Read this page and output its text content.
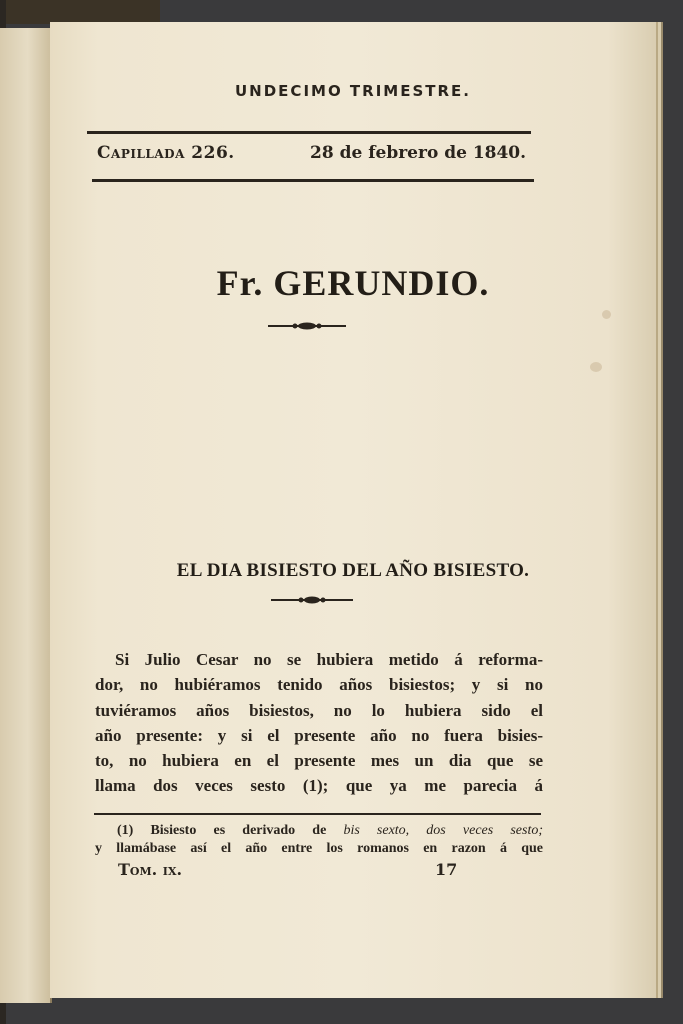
UNDECIMO TRIMESTRE.
Capillada 226.	28 de febrero de 1840.
Fr. GERUNDIO.
EL DIA BISIESTO DEL AÑO BISIESTO.
Si Julio Cesar no se hubiera metido á reforma-
dor, no hubiéramos tenido años bisiestos; y si no
tuviéramos años bisiestos, no lo hubiera sido el
año presente: y si el presente año no fuera bisies-
to, no hubiera en el presente mes un dia que se
llama dos veces sesto (1); que ya me parecia á
(1) Bisiesto es derivado de bis sexto, dos veces sesto;
y llamábase así el año entre los romanos en razon á que
Tom. ix.	17
